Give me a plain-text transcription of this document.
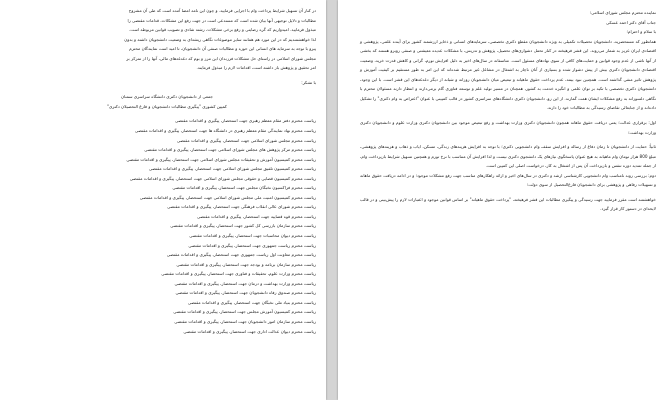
در کنار آن تسهیل شرایط پرداخت وام با اجرایی فرمایید. و چون این نامه امضا آمده است که طی آن مشروح

مطالبات و دلایل توجیهی آنها بیان شده است که مستدعی است در جهت رفع این مشکلات، قدامات مقتضی را

مبذول فرمایید. امیدواریم که گره رضایتی و رفع برخی مشکلات، رشته شادی و تصویب قوانین مربوطه است.

لذا خواهشمندیم که در این مورد هم همانند سایر موضوعات نگاهی ریشه‌ای به وضعیت دانشجویان داشته و بدون

پیرو با توجه به سرمایه های انسانی این حوزه و مطالبات صنفی آن دانشجویان، تا امید است نمایندگان محترم

مجلس شورای اسلامی در راستای حل مشکلات فرزندان این مرز و بوم که دغدغه‌های مالی، آنها را از تمرکز بر

امر تحقیق و پژوهش باز داشته است، اقدامات لازم را مبذول فرمایند.

با تشکر:

جمعی از دانشجویان دکتری دانشگاه سراسری سمنان

کمپین کشوری "پیگیری مطالبات دانشجویان و فارغ التحصیلان دکتری"

ریاست محترم دفتر مقام معظم رهبری جهت استحضار، پیگیری و اقدامات مقتضی
ریاست محترم نهاد نمایندگی مقام معظم رهبری در دانشگاه ها جهت استحضار، پیگیری و اقدامات مقتضی
ریاست محترم مجلس شورای اسلامی جهت استحضار، پیگیری و اقدامات مقتضی
ریاست محترم مرکز پژوهش های مجلس شورای اسلامی جهت استحضار، پیگیری و اقدامات مقتضی
ریاست محترم کمیسیون آموزش و تحقیقات مجلس شورای اسلامی جهت استحضار، پیگیری و اقدامات مقتضی
ریاست محترم کمیسیون تلفیق مجلس شورای اسلامی جهت استحضار، پیگیری و اقدامات مقتضی
ریاست محترم کمیسیون قضایی و حقوقی مجلس شورای اسلامی جهت استحضار، پیگیری و اقدامات مقتضی
ریاست محترم فراکسیون نخبگان مجلس جهت استحضار، پیگیری و اقدامات مقتضی
ریاست محترم کمیسیون امنیت ملی مجلس شورای اسلامی جهت استحضار، پیگیری و اقدامات مقتضی
ریاست محترم شورای عالی انقلاب فرهنگی جهت استحضار، پیگیری و اقدامات مقتضی
ریاست محترم قوه قضاییه جهت استحضار، پیگیری و اقدامات مقتضی
ریاست محترم سازمان بازرسی کل کشور جهت استحضار، پیگیری و اقدامات مقتضی
ریاست محترم دیوان محاسبات جهت استحضار، پیگیری و اقدامات مقتضی
ریاست محترم ریاست جمهوری جهت استحضار، پیگیری و اقدامات مقتضی
ریاست محترم معاونت اول ریاست جمهوری جهت استحضار، پیگیری و اقدامات مقتضی
ریاست محترم سازمان برنامه و بودجه جهت استحضار، پیگیری و اقدامات مقتضی
ریاست محترم وزارت علوم، تحقیقات و فناوری جهت استحضار، پیگیری و اقدامات مقتضی
ریاست محترم وزارت بهداشت و درمان جهت استحضار، پیگیری و اقدامات مقتضی
ریاست محترم صندوق رفاه دانشجویان جهت استحضار، پیگیری و اقدامات مقتضی
ریاست محترم بنیاد ملی نخبگان جهت استحضار، پیگیری و اقدامات مقتضی
ریاست محترم کمیسیون آموزش مجلس جهت استحضار، پیگیری و اقدامات مقتضی
ریاست محترم سازمان امور دانشجویان جهت استحضار، پیگیری و اقدامات مقتضی
ریاست محترم دیوان عدالت اداری جهت استحضار، پیگیری و اقدامات مقتضی

نماینده محترم مجلس شورای اسلامی؛

جناب آقای دکتر احمد عسکی

با سلام و احترام؛

همانطور که مستحضرید، دانشجویان تحصیلات تکمیلی به ویژه دانشجویان مقطع دکتری تخصصی، سرمایه‌های انسانی و ذخایر ارزشمند کشور برای آینده علمی، پژوهشی و اقتصادی ایران عزیز به شمار می‌روند. این قشر فرهیخته در کنار تحمل دشواری‌های تحصیل، پژوهش و تدریس، با مشکلات عدیده معیشتی و صنفی روبرو هستند که بخشی از آنها ناشی از عدم وجود قوانین و حمایت‌های کافی از سوی نهادهای مسئول است. متاسفانه در سال‌های اخیر به دلیل افزایش تورم، گرانی و کاهش قدرت خرید، وضعیت اقتصادی دانشجویان دکتری بیش از پیش دشوار شده و بسیاری از آنان ناچار به اشتغال در مشاغل غیر مرتبط شده‌اند که این امر به طور مستقیم بر کیفیت آموزش و پژوهش تاثیر منفی گذاشته است. همچنین نبود بیمه، عدم پرداخت حقوق ماهیانه و تبعیض میان دانشجویان روزانه و شبانه از دیگر دغدغه‌های این قشر است. با این وجود، دانشجویان دکتری تخصصی با تکیه بر توان علمی و انگیزه خدمت به کشور، همچنان در مسیر تولید علم و توسعه فناوری گام برمی‌دارند و انتظار دارند مسئولان محترم با نگاهی دلسوزانه به رفع مشکلات ایشان همت گمارند. از این رو، دانشجویان دکتری دانشگاه‌های سراسری کشور در قالب کمپینی با عنوان "اعتراض به وام دکتری" را تشکیل داده‌اند و از جنابعالی تقاضای رسیدگی به مطالبات خود را دارند.

اول: برقراری عدالت؛ یعنی دریافت حقوق ماهانه همچون دانشجویان دکتری وزارت بهداشت و رفع تبعیض موجود بین دانشجویان دکتری وزارت علوم و دانشجویان دکتری وزارت بهداشت؛

ثانیاً: حمایت از دانشجویان تا زمان دفاع از رساله و افزایش سقف وام دانشجویی دکتری؛ با توجه به افزایش هزینه‌های زندگی، مسکن، ایاب و ذهاب و هزینه‌های پژوهشی، مبلغ 800 هزار تومان وام ماهیانه به هیچ عنوان پاسخگوی نیازهای یک دانشجوی دکتری نیست و لذا افزایش آن متناسب با نرخ تورم و همچنین تسهیل شرایط بازپرداخت وام، از جمله تمدید دوره تنفس و بازپرداخت آن پس از اشتغال به کار، درخواست اصلی این کمپین است.

دوم: بررسی روند نامناسب وام دانشجویی کارشناسی ارشد و دکتری در سال‌های اخیر و ارائه راهکارهای مناسب جهت رفع مشکلات موجود؛ و در ادامه دریافت حقوق ماهانه و تسهیلات رفاهی و پژوهشی برای دانشجویان فارغ‌التحصیل از سوی دولت؛

خواهشمند است مقرر فرمایید جهت رسیدگی و پیگیری مطالبات این قشر فرهیخته، "پرداخت حقوق ماهیانه" بر اساس قوانین موجود و اعتبارات لازم را پیش‌بینی و در قالب لایحه‌ای در دستور کار قرار گیرد.
